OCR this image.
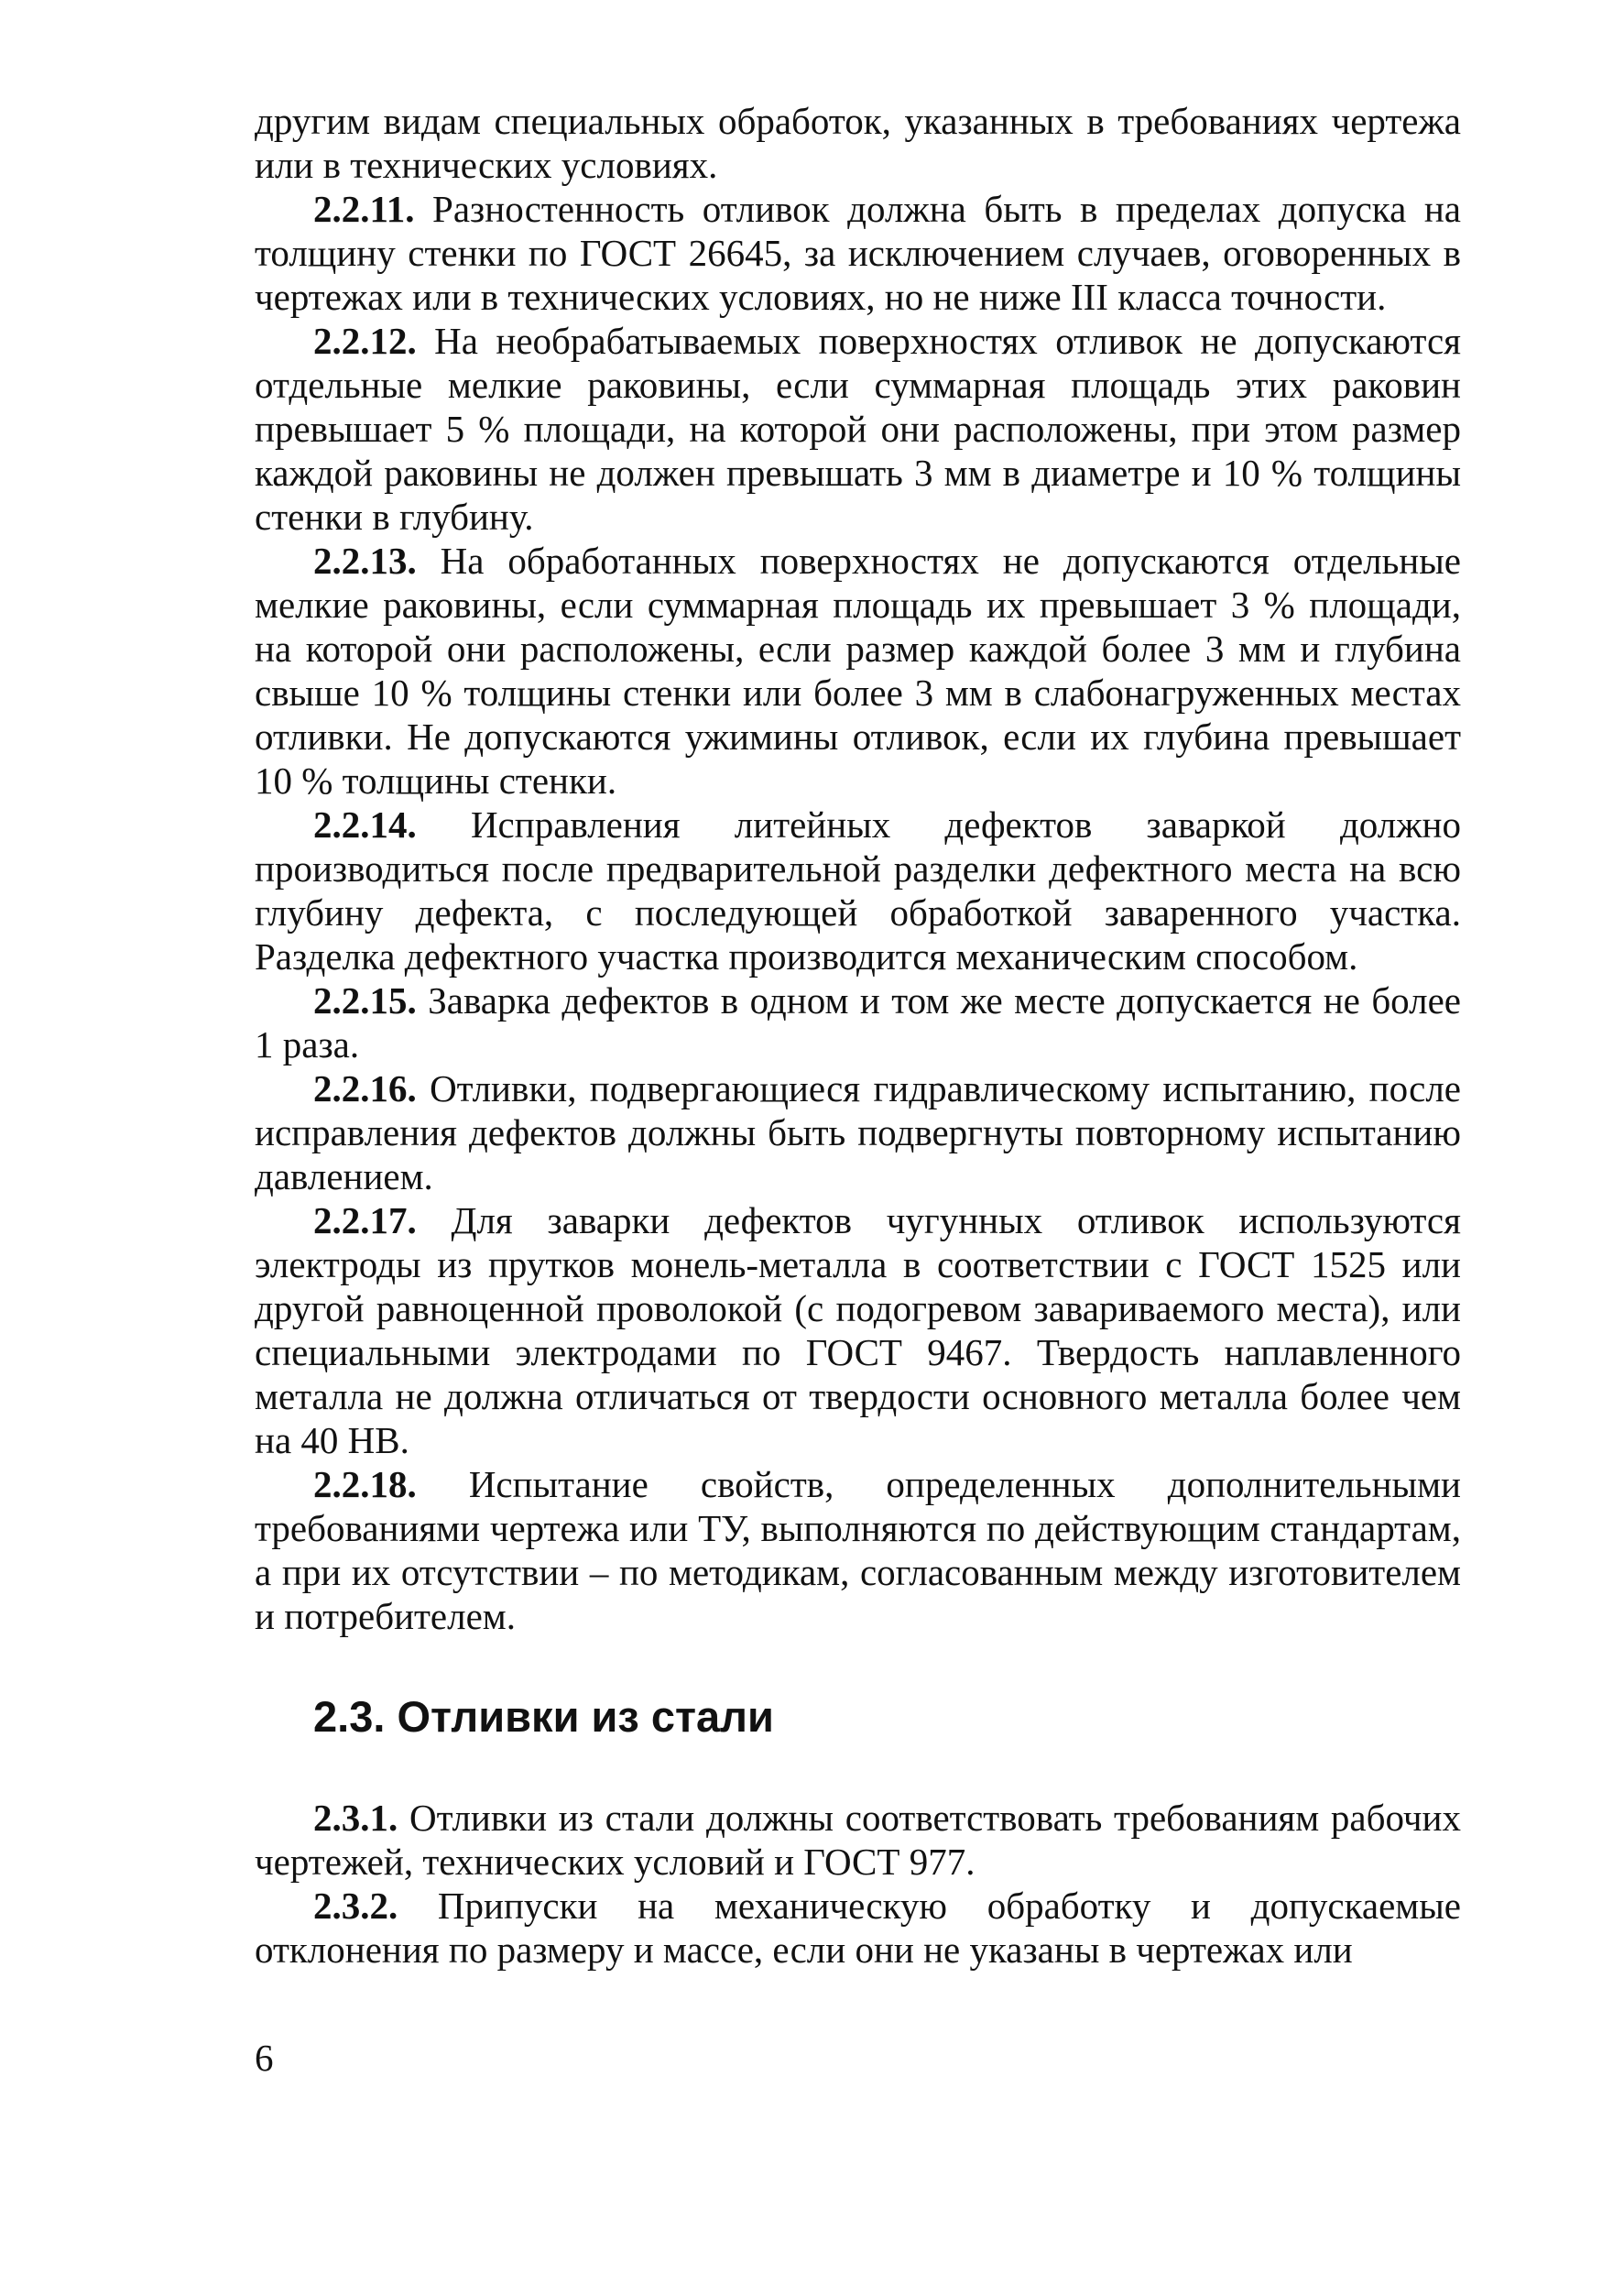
другим видам специальных обработок, указанных в требованиях чертежа или в технических условиях.

2.2.11. Разностенность отливок должна быть в пределах допуска на толщину стенки по ГОСТ 26645, за исключением случаев, оговоренных в чертежах или в технических условиях, но не ниже III класса точности.

2.2.12. На необрабатываемых поверхностях отливок не допускаются отдельные мелкие раковины, если суммарная площадь этих раковин превышает 5 % площади, на которой они расположены, при этом размер каждой раковины не должен превышать 3 мм в диаметре и 10 % толщины стенки в глубину.

2.2.13. На обработанных поверхностях не допускаются отдельные мелкие раковины, если суммарная площадь их превышает 3 % площади, на которой они расположены, если размер каждой более 3 мм и глубина свыше 10 % толщины стенки или более 3 мм в слабонагруженных местах отливки. Не допускаются ужимины отливок, если их глубина превышает 10 % толщины стенки.

2.2.14. Исправления литейных дефектов заваркой должно производиться после предварительной разделки дефектного места на всю глубину дефекта, с последующей обработкой заваренного участка. Разделка дефектного участка производится механическим способом.

2.2.15. Заварка дефектов в одном и том же месте допускается не более 1 раза.

2.2.16. Отливки, подвергающиеся гидравлическому испытанию, после исправления дефектов должны быть подвергнуты повторному испытанию давлением.

2.2.17. Для заварки дефектов чугунных отливок используются электроды из прутков монель-металла в соответствии с ГОСТ 1525 или другой равноценной проволокой (с подогревом завариваемого места), или специальными электродами по ГОСТ 9467. Твердость наплавленного металла не должна отличаться от твердости основного металла более чем на 40 НВ.

2.2.18. Испытание свойств, определенных дополнительными требованиями чертежа или ТУ, выполняются по действующим стандартам, а при их отсутствии – по методикам, согласованным между изготовителем и потребителем.

2.3. Отливки из стали

2.3.1. Отливки из стали должны соответствовать требованиям рабочих чертежей, технических условий и ГОСТ 977.

2.3.2. Припуски на механическую обработку и допускаемые отклонения по размеру и массе, если они не указаны в чертежах или

6
